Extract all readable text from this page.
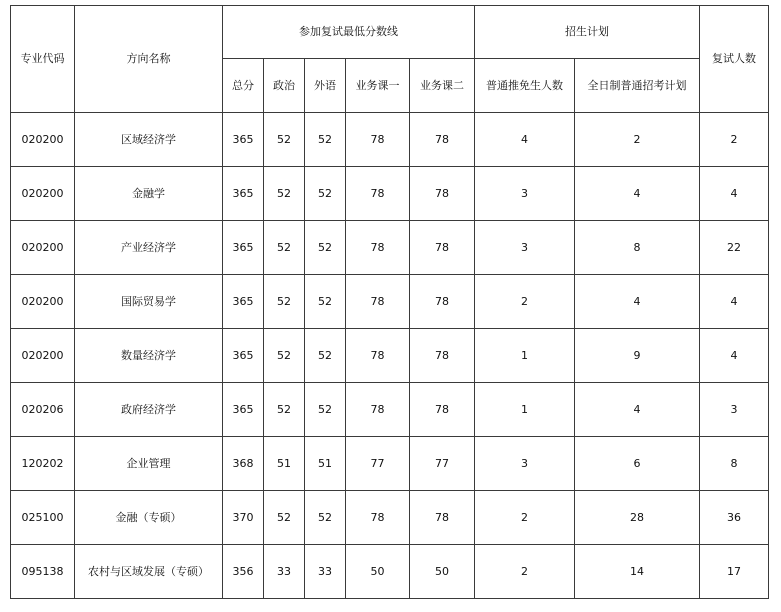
专业代码	方向名称	参加复试最低分数线					招生计划		复试人数
		总分	政治	外语	业务课一	业务课二	普通推免生人数	全日制普通招考计划	
020200	区域经济学	365	52	52	78	78	4	2	2
020200	金融学	365	52	52	78	78	3	4	4
020200	产业经济学	365	52	52	78	78	3	8	22
020200	国际贸易学	365	52	52	78	78	2	4	4
020200	数量经济学	365	52	52	78	78	1	9	4
020206	政府经济学	365	52	52	78	78	1	4	3
120202	企业管理	368	51	51	77	77	3	6	8
025100	金融（专硕）	370	52	52	78	78	2	28	36
095138	农村与区域发展（专硕）	356	33	33	50	50	2	14	17
